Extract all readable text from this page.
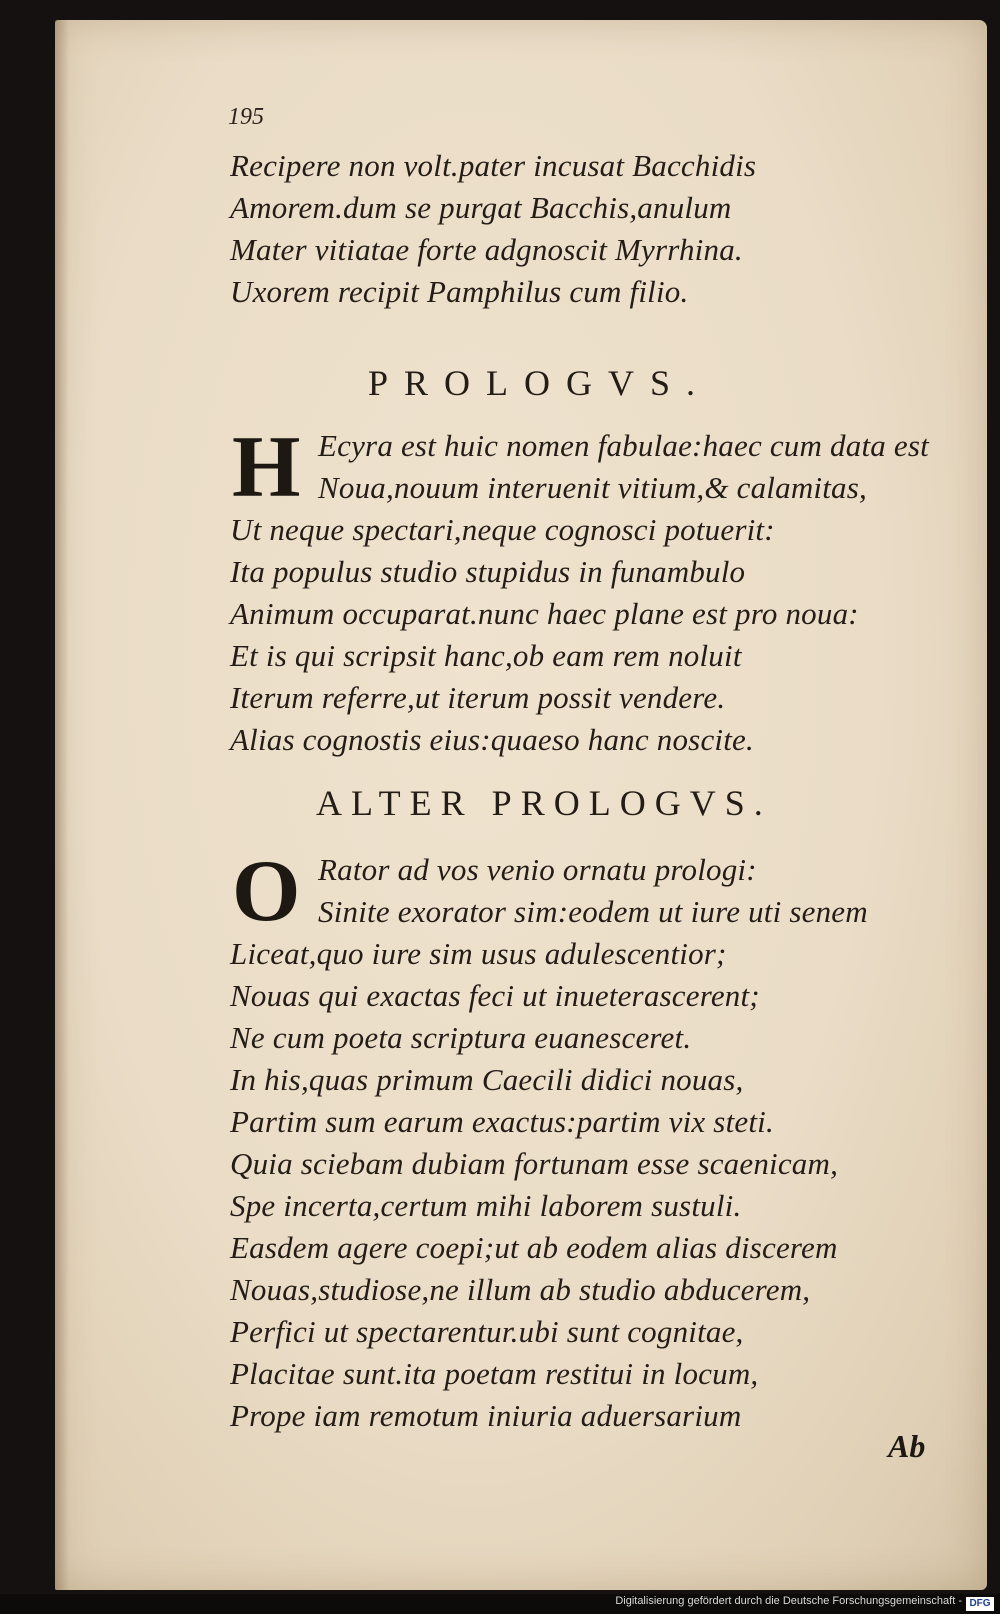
195
Recipere non volt.pater incusat Bacchidis
Amorem.dum se purgat Bacchis,anulum
Mater vitiatae forte adgnoscit Myrrhina.
Uxorem recipit Pamphilus cum filio.
PROLOGVS.
H Ecyra est huic nomen fabulae:haec cum data est
Noua,nouum interuenit vitium,& calamitas,
Ut neque spectari,neque cognosci potuerit:
Ita populus studio stupidus in funambulo
Animum occuparat.nunc haec plane est pro noua:
Et is qui scripsit hanc,ob eam rem noluit
Iterum referre,ut iterum possit vendere.
Alias cognostis eius:quaeso hanc noscite.
ALTER PROLOGVS.
O Rator ad vos venio ornatu prologi:
Sinite exorator sim:eodem ut iure uti senem
Liceat,quo iure sim usus adulescentior;
Nouas qui exactas feci ut inueterascerent;
Ne cum poeta scriptura euanesceret.
In his,quas primum Caecili didici nouas,
Partim sum earum exactus:partim vix steti.
Quia sciebam dubiam fortunam esse scaenicam,
Spe incerta,certum mihi laborem sustuli.
Easdem agere coepi;ut ab eodem alias discerem
Nouas,studiose,ne illum ab studio abducerem,
Perfici ut spectarentur.ubi sunt cognitae,
Placitae sunt.ita poetam restitui in locum,
Prope iam remotum iniuria aduersarium
Ab
Digitalisierung gefördert durch die Deutsche Forschungsgemeinschaft - DFG
